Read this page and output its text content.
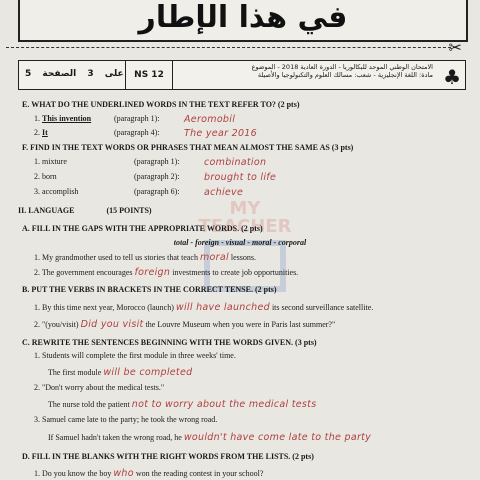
في هذا الإطار
✂
5	على 3 الصفحة	NS 12
الامتحان الوطني الموحد للبكالوريا - الدورة العادية 2018 - الموضوع
مادة: اللغة الإنجليزية - شعب: مسالك العلوم والتكنولوجيا والأصيلة ♣
MY TEACHER
E. WHAT DO THE UNDERLINED WORDS IN THE TEXT REFER TO? (2 pts)
1. This invention	(paragraph 1):	Aeromobil
2. It	(paragraph 4):	The year 2016
F. FIND IN THE TEXT WORDS OR PHRASES THAT MEAN ALMOST THE SAME AS (3 pts)
1. mixture	(paragraph 1):	combination
2. born	(paragraph 2):	brought to life
3. accomplish	(paragraph 6):	achieve
II. LANGUAGE	(15 POINTS)
A. FILL IN THE GAPS WITH THE APPROPRIATE WORDS. (2 pts)
total - foreign - visual - moral - corporal
1. My grandmother used to tell us stories that teach moral lessons.
2. The government encourages foreign investments to create job opportunities.
B. PUT THE VERBS IN BRACKETS IN THE CORRECT TENSE. (2 pts)
1. By this time next year, Morocco (launch) will have launched its second surveillance satellite.
2. "(you/visit) Did you visit the Louvre Museum when you were in Paris last summer?"
C. REWRITE THE SENTENCES BEGINNING WITH THE WORDS GIVEN. (3 pts)
1. Students will complete the first module in three weeks' time.
The first module will be completed
2. "Don't worry about the medical tests."
The nurse told the patient not to worry about the medical tests
3. Samuel came late to the party; he took the wrong road.
If Samuel hadn't taken the wrong road, he wouldn't have come late to the party
D. FILL IN THE BLANKS WITH THE RIGHT WORDS FROM THE LISTS. (2 pts)
1. Do you know the boy who won the reading contest in your school?
